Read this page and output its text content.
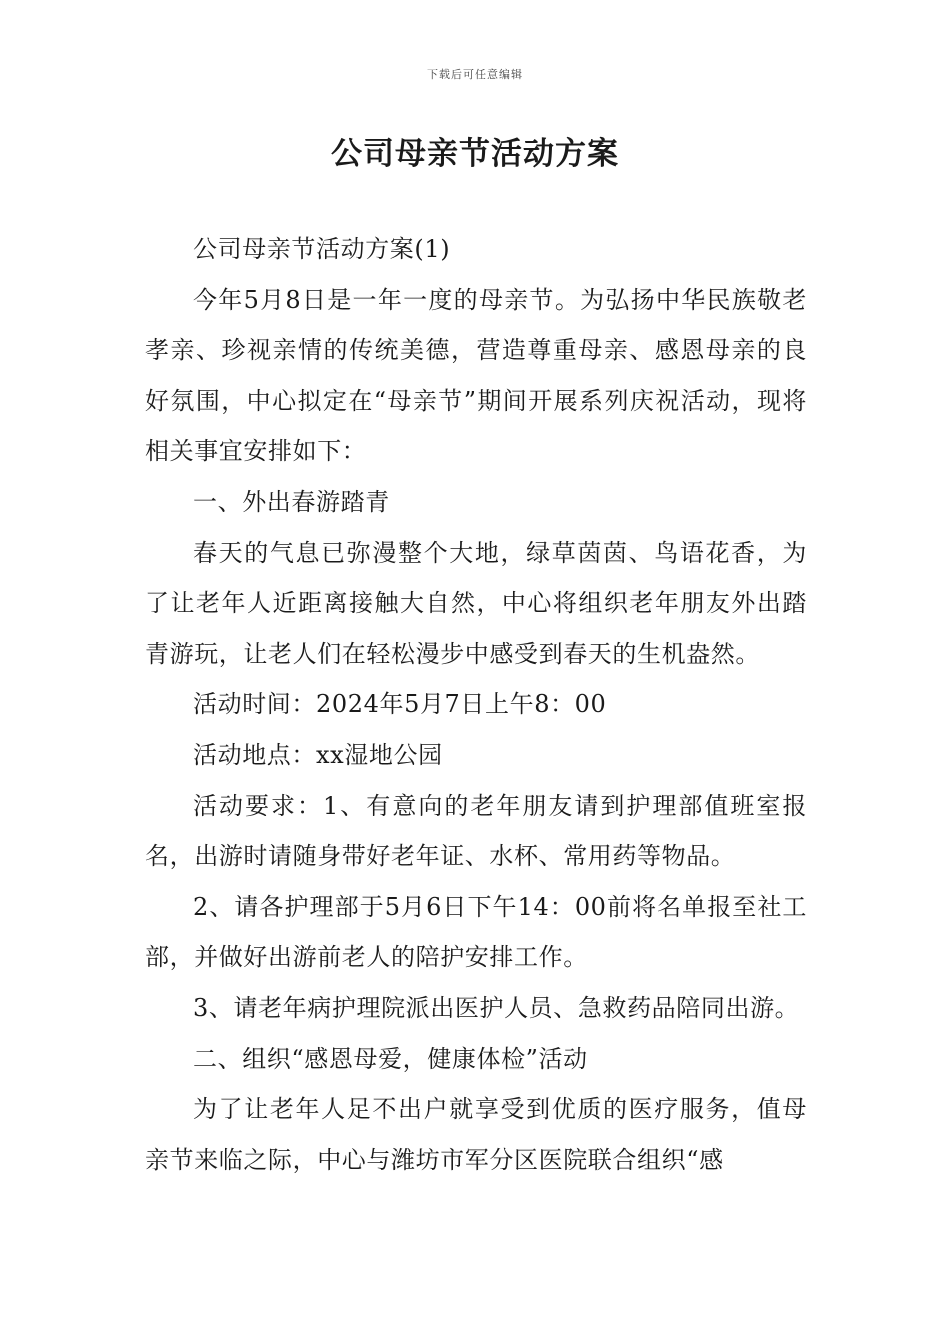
下载后可任意编辑
公司母亲节活动方案

公司母亲节活动方案(1)

今年5月8日是一年一度的母亲节。为弘扬中华民族敬老孝亲、珍视亲情的传统美德，营造尊重母亲、感恩母亲的良好氛围，中心拟定在“母亲节”期间开展系列庆祝活动，现将相关事宜安排如下：

一、外出春游踏青

春天的气息已弥漫整个大地，绿草茵茵、鸟语花香，为了让老年人近距离接触大自然，中心将组织老年朋友外出踏青游玩，让老人们在轻松漫步中感受到春天的生机盎然。

活动时间：2024年5月7日上午8：00

活动地点：xx湿地公园

活动要求：1、有意向的老年朋友请到护理部值班室报名，出游时请随身带好老年证、水杯、常用药等物品。

2、请各护理部于5月6日下午14：00前将名单报至社工部，并做好出游前老人的陪护安排工作。

3、请老年病护理院派出医护人员、急救药品陪同出游。

二、组织“感恩母爱，健康体检”活动

为了让老年人足不出户就享受到优质的医疗服务，值母亲节来临之际，中心与潍坊市军分区医院联合组织“感
